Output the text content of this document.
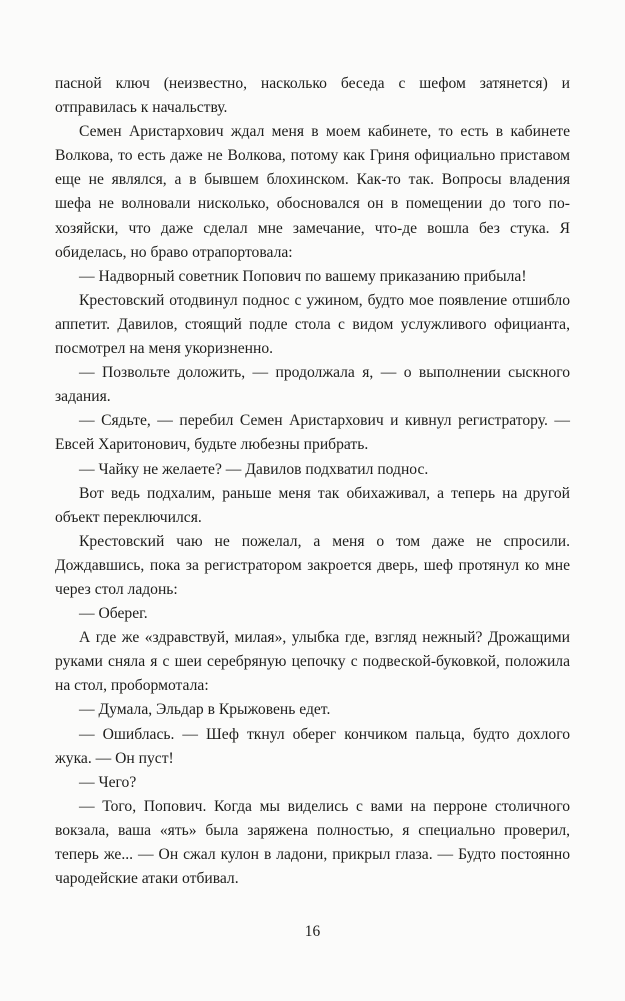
пасной ключ (неизвестно, насколько беседа с шефом затянется) и отправилась к начальству.

Семен Аристархович ждал меня в моем кабинете, то есть в кабинете Волкова, то есть даже не Волкова, потому как Гриня официально приставом еще не являлся, а в бывшем блохинском. Как-то так. Вопросы владения шефа не волновали нисколько, обосновался он в помещении до того по-хозяйски, что даже сделал мне замечание, что-де вошла без стука. Я обиделась, но браво отрапортовала:

— Надворный советник Попович по вашему приказанию прибыла!

Крестовский отодвинул поднос с ужином, будто мое появление отшибло аппетит. Давилов, стоящий подле стола с видом услужливого официанта, посмотрел на меня укоризненно.

— Позвольте доложить, — продолжала я, — о выполнении сыскного задания.

— Сядьте, — перебил Семен Аристархович и кивнул регистратору. — Евсей Харитонович, будьте любезны прибрать.

— Чайку не желаете? — Давилов подхватил поднос.

Вот ведь подхалим, раньше меня так обихаживал, а теперь на другой объект переключился.

Крестовский чаю не пожелал, а меня о том даже не спросили. Дождавшись, пока за регистратором закроется дверь, шеф протянул ко мне через стол ладонь:

— Оберег.

А где же «здравствуй, милая», улыбка где, взгляд нежный? Дрожащими руками сняла я с шеи серебряную цепочку с подвеской-буковкой, положила на стол, пробормотала:

— Думала, Эльдар в Крыжовень едет.

— Ошиблась. — Шеф ткнул оберег кончиком пальца, будто дохлого жука. — Он пуст!

— Чего?

— Того, Попович. Когда мы виделись с вами на перроне столичного вокзала, ваша «ять» была заряжена полностью, я специально проверил, теперь же... — Он сжал кулон в ладони, прикрыл глаза. — Будто постоянно чародейские атаки отбивал.

16
